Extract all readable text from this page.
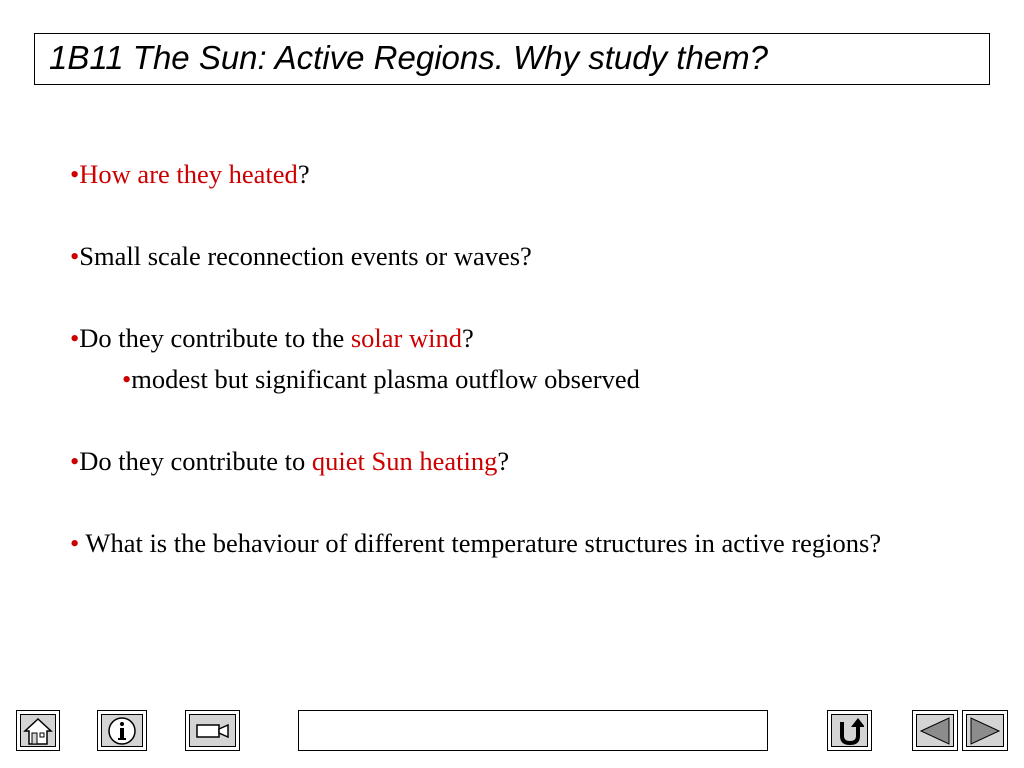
1B11 The Sun: Active Regions. Why study them?
•How are they heated?
•Small scale reconnection events or waves?
•Do they contribute to the solar wind?
•modest but significant plasma outflow observed
•Do they contribute to quiet Sun heating?
• What is the behaviour of different temperature structures in active regions?
